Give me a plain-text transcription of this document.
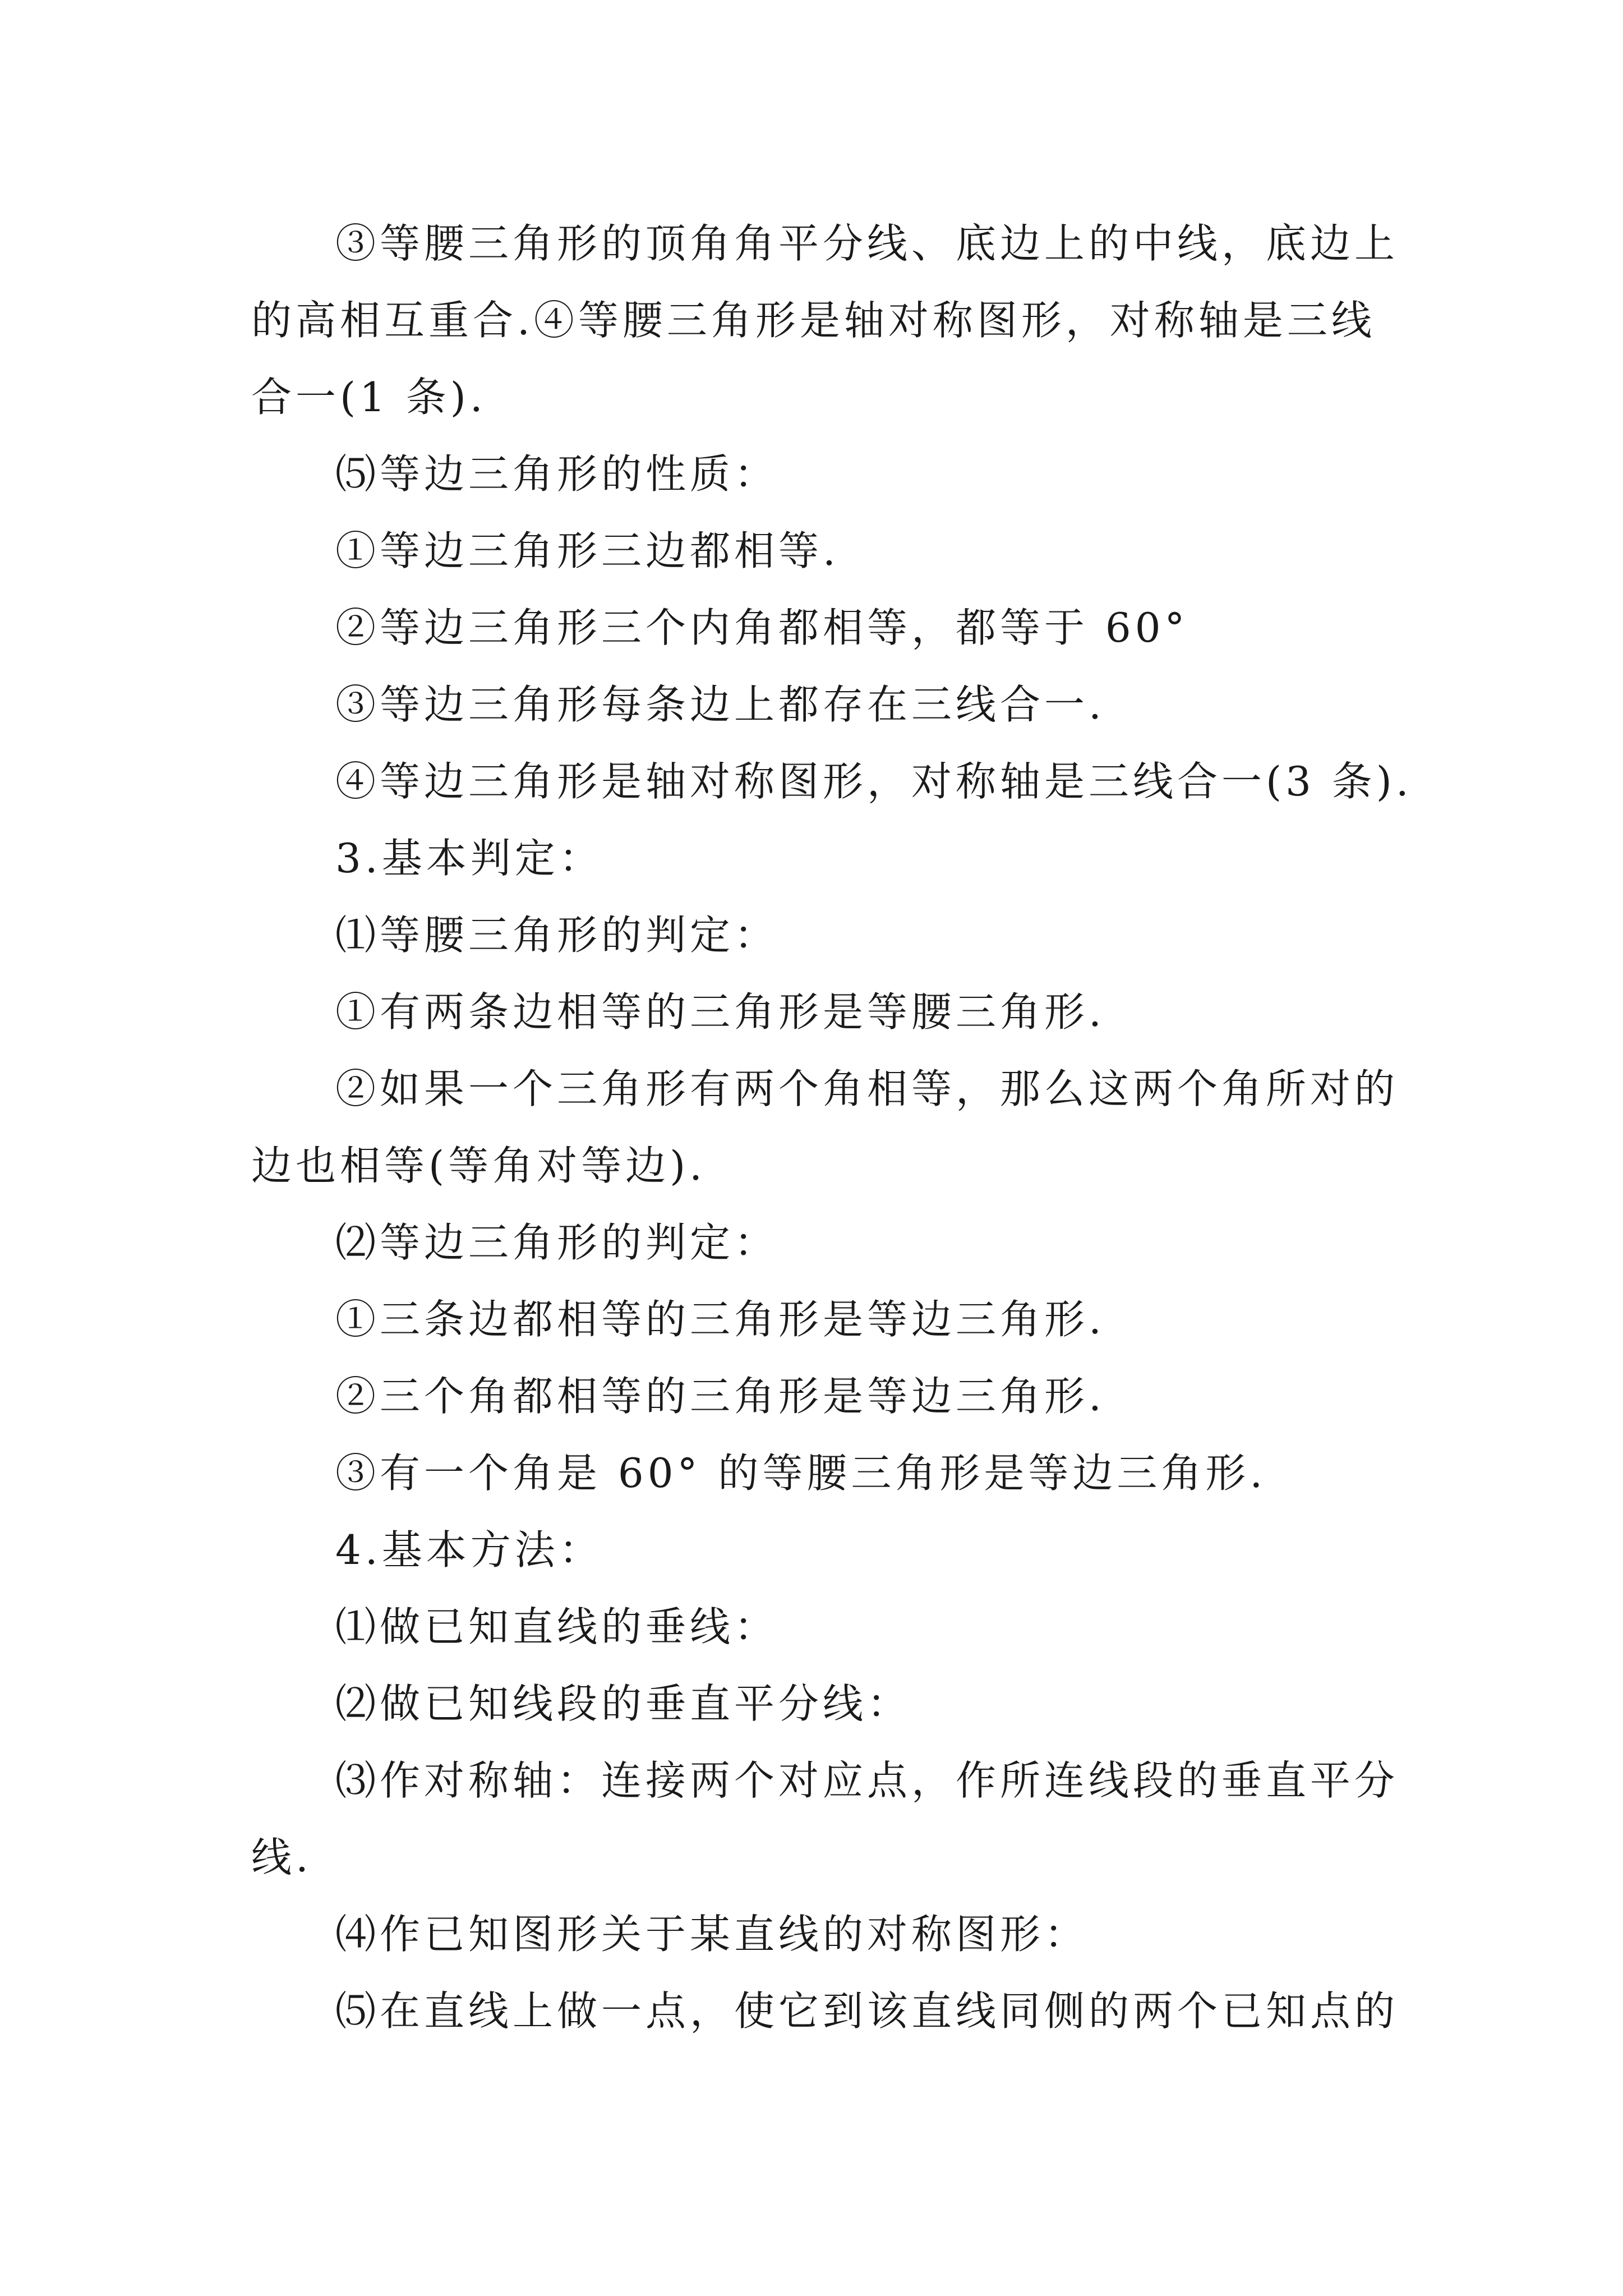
③等腰三角形的顶角角平分线、底边上的中线，底边上
的高相互重合.④等腰三角形是轴对称图形，对称轴是三线
合一(1 条).
⑸等边三角形的性质：
①等边三角形三边都相等.
②等边三角形三个内角都相等，都等于 60°
③等边三角形每条边上都存在三线合一.
④等边三角形是轴对称图形，对称轴是三线合一(3 条).
3.基本判定：
⑴等腰三角形的判定：
①有两条边相等的三角形是等腰三角形.
②如果一个三角形有两个角相等，那么这两个角所对的
边也相等(等角对等边).
⑵等边三角形的判定：
①三条边都相等的三角形是等边三角形.
②三个角都相等的三角形是等边三角形.
③有一个角是 60° 的等腰三角形是等边三角形.
4.基本方法：
⑴做已知直线的垂线：
⑵做已知线段的垂直平分线：
⑶作对称轴：连接两个对应点，作所连线段的垂直平分
线.
⑷作已知图形关于某直线的对称图形：
⑸在直线上做一点，使它到该直线同侧的两个已知点的
